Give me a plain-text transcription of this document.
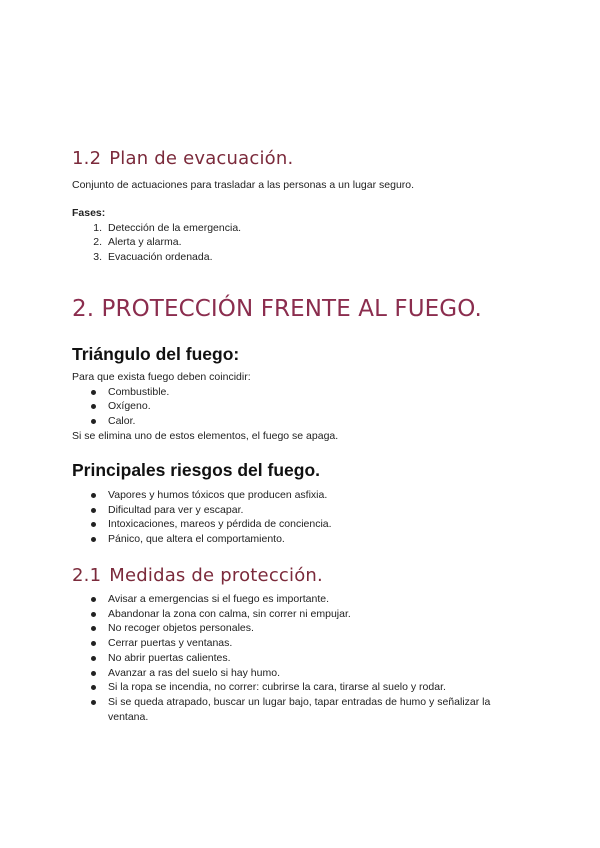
1.2 Plan de evacuación.

Conjunto de actuaciones para trasladar a las personas a un lugar seguro.

Fases:

1. Detección de la emergencia.
2. Alerta y alarma.
3. Evacuación ordenada.
2. PROTECCIÓN FRENTE AL FUEGO.
Triángulo del fuego:

Para que exista fuego deben coincidir:

Combustible.
Oxígeno.
Calor.

Si se elimina uno de estos elementos, el fuego se apaga.

Principales riesgos del fuego.
Vapores y humos tóxicos que producen asfixia.
Dificultad para ver y escapar.
Intoxicaciones, mareos y pérdida de conciencia.
Pánico, que altera el comportamiento.
2.1 Medidas de protección.
Avisar a emergencias si el fuego es importante.
Abandonar la zona con calma, sin correr ni empujar.
No recoger objetos personales.
Cerrar puertas y ventanas.
No abrir puertas calientes.
Avanzar a ras del suelo si hay humo.
Si la ropa se incendia, no correr: cubrirse la cara, tirarse al suelo y rodar.
Si se queda atrapado, buscar un lugar bajo, tapar entradas de humo y señalizar la ventana.
